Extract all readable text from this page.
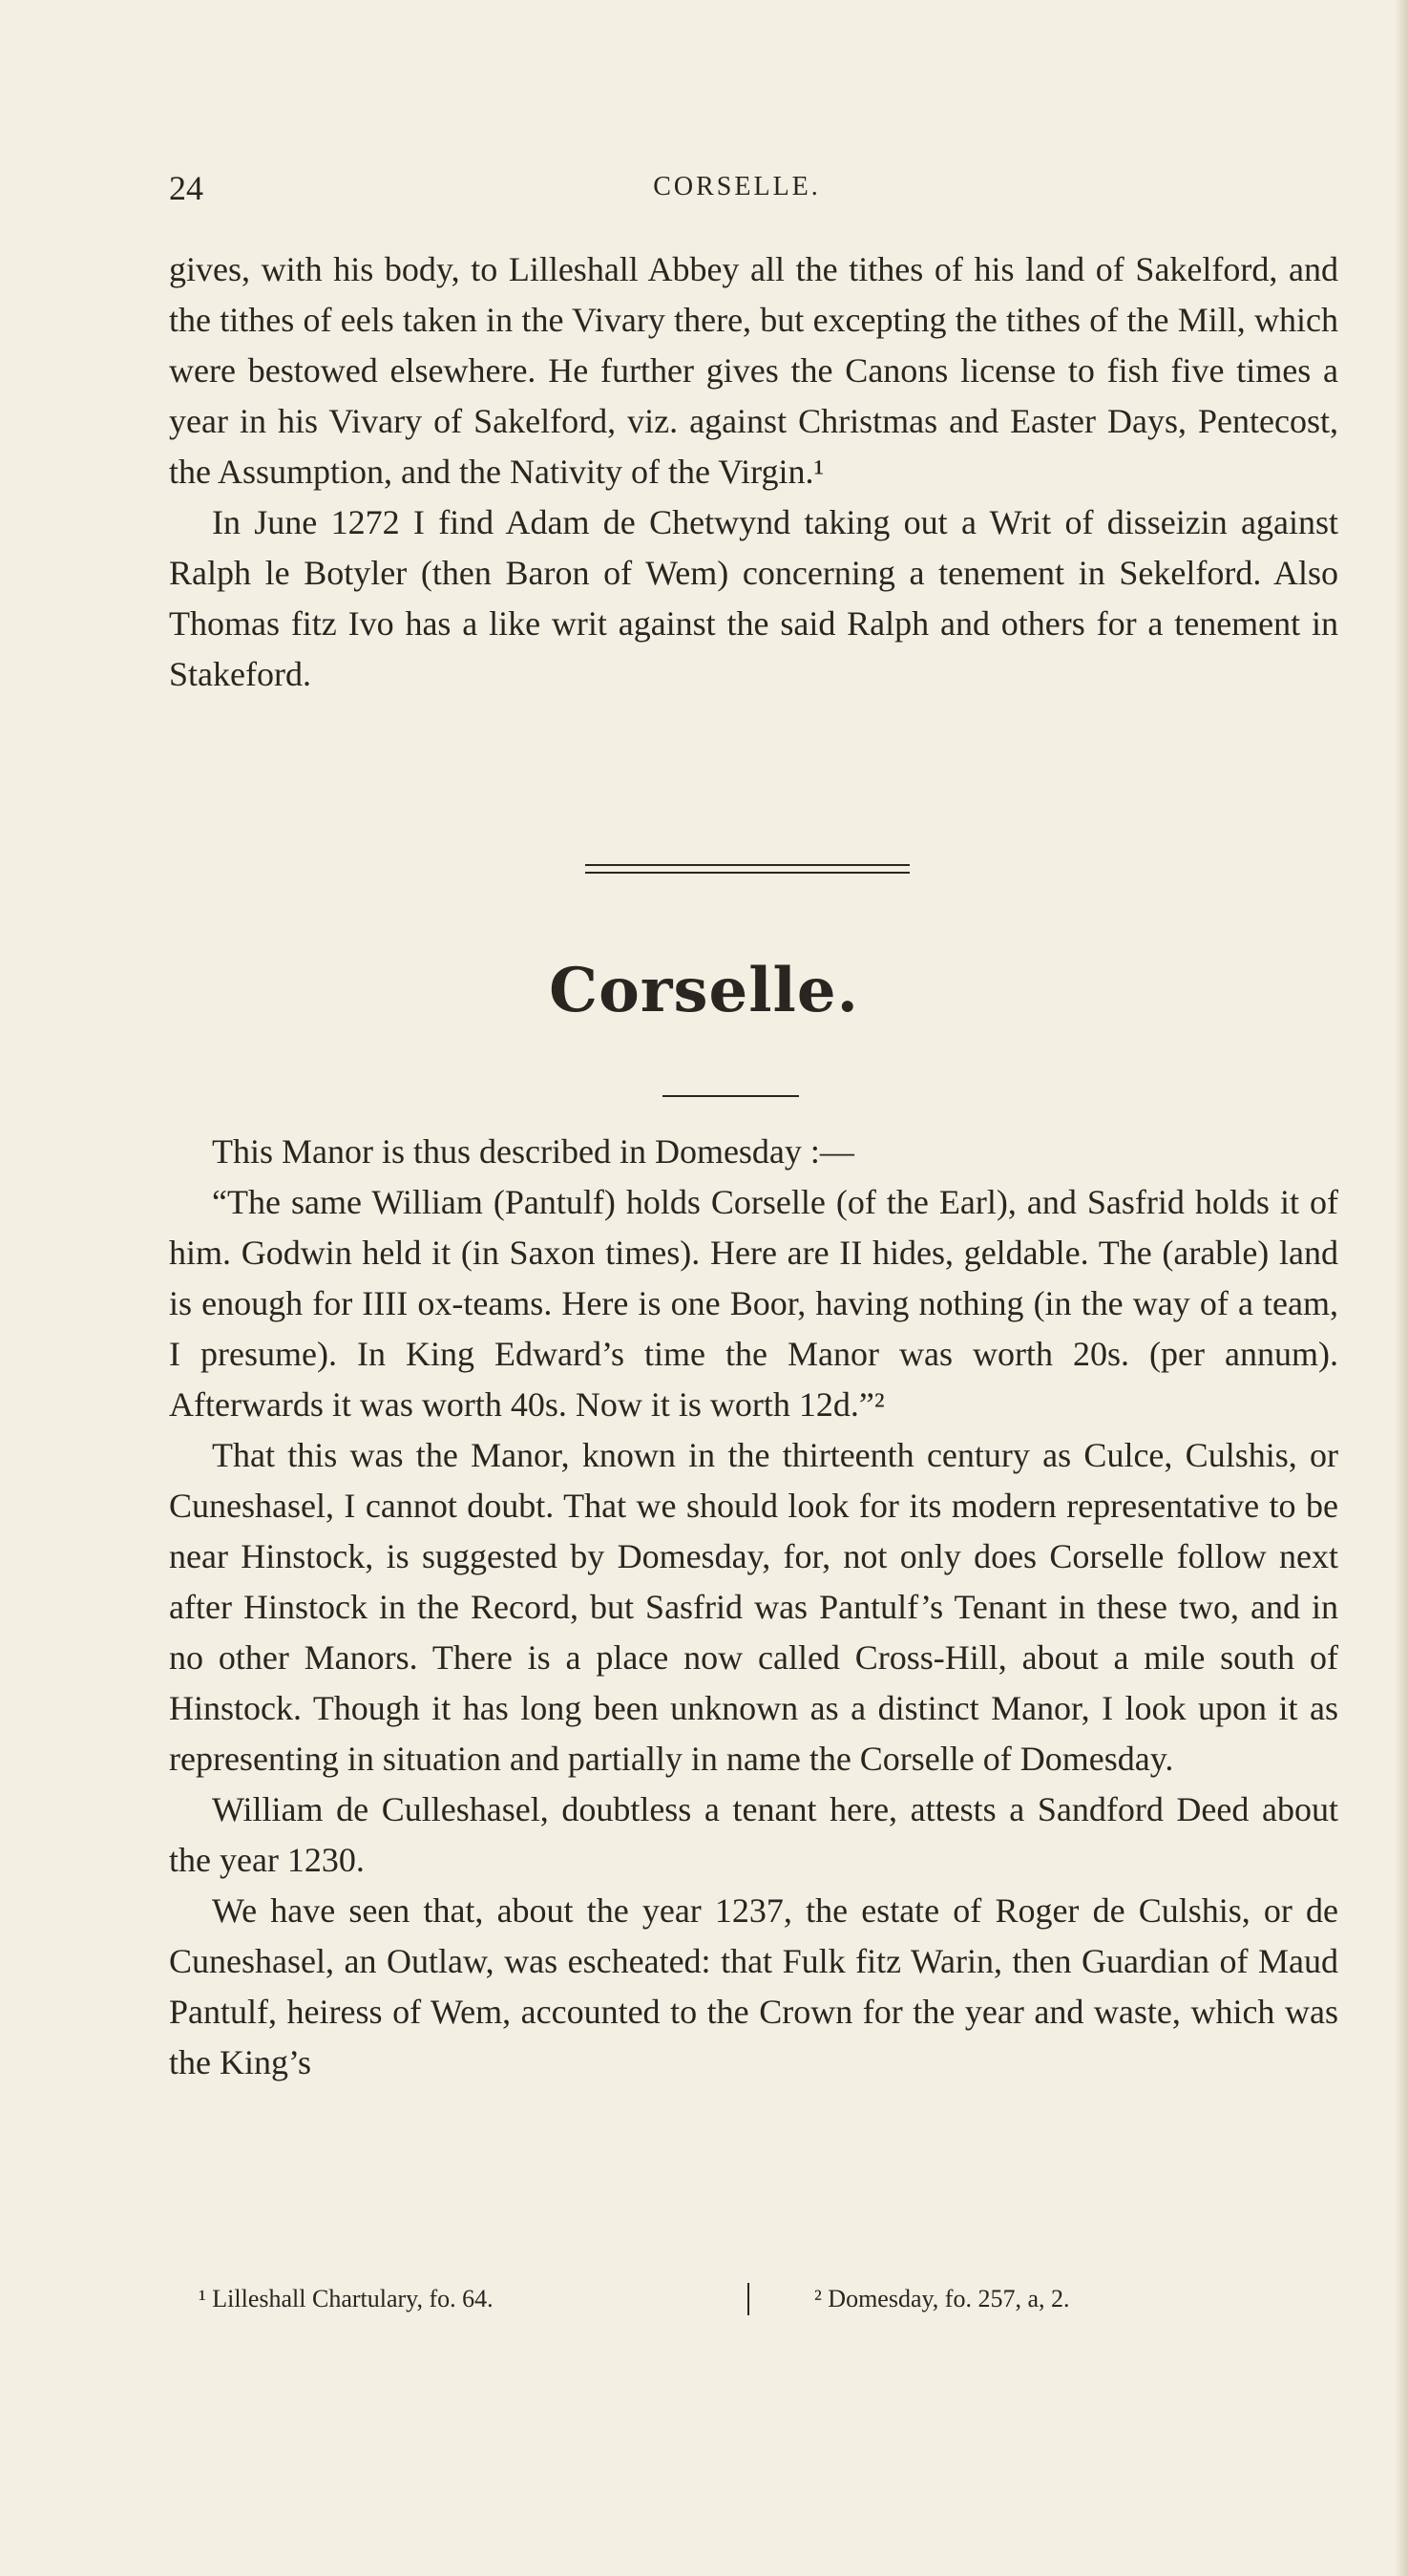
24	CORSELLE.

gives, with his body, to Lilleshall Abbey all the tithes of his land of Sakelford, and the tithes of eels taken in the Vivary there, but excepting the tithes of the Mill, which were bestowed elsewhere. He further gives the Canons license to fish five times a year in his Vivary of Sakelford, viz. against Christmas and Easter Days, Pentecost, the Assumption, and the Nativity of the Virgin.¹

In June 1272 I find Adam de Chetwynd taking out a Writ of disseizin against Ralph le Botyler (then Baron of Wem) concerning a tenement in Sekelford. Also Thomas fitz Ivo has a like writ against the said Ralph and others for a tenement in Stakeford.

Corselle.

This Manor is thus described in Domesday :—

“The same William (Pantulf) holds Corselle (of the Earl), and Sasfrid holds it of him. Godwin held it (in Saxon times). Here are II hides, geldable. The (arable) land is enough for IIII ox-teams. Here is one Boor, having nothing (in the way of a team, I presume). In King Edward’s time the Manor was worth 20s. (per annum). Afterwards it was worth 40s. Now it is worth 12d.”²

That this was the Manor, known in the thirteenth century as Culce, Culshis, or Cuneshasel, I cannot doubt. That we should look for its modern representative to be near Hinstock, is suggested by Domesday, for, not only does Corselle follow next after Hinstock in the Record, but Sasfrid was Pantulf’s Tenant in these two, and in no other Manors. There is a place now called Cross-Hill, about a mile south of Hinstock. Though it has long been unknown as a distinct Manor, I look upon it as representing in situation and partially in name the Corselle of Domesday.

William de Culleshasel, doubtless a tenant here, attests a Sandford Deed about the year 1230.

We have seen that, about the year 1237, the estate of Roger de Culshis, or de Cuneshasel, an Outlaw, was escheated: that Fulk fitz Warin, then Guardian of Maud Pantulf, heiress of Wem, accounted to the Crown for the year and waste, which was the King’s

¹ Lilleshall Chartulary, fo. 64.	² Domesday, fo. 257, a, 2.
